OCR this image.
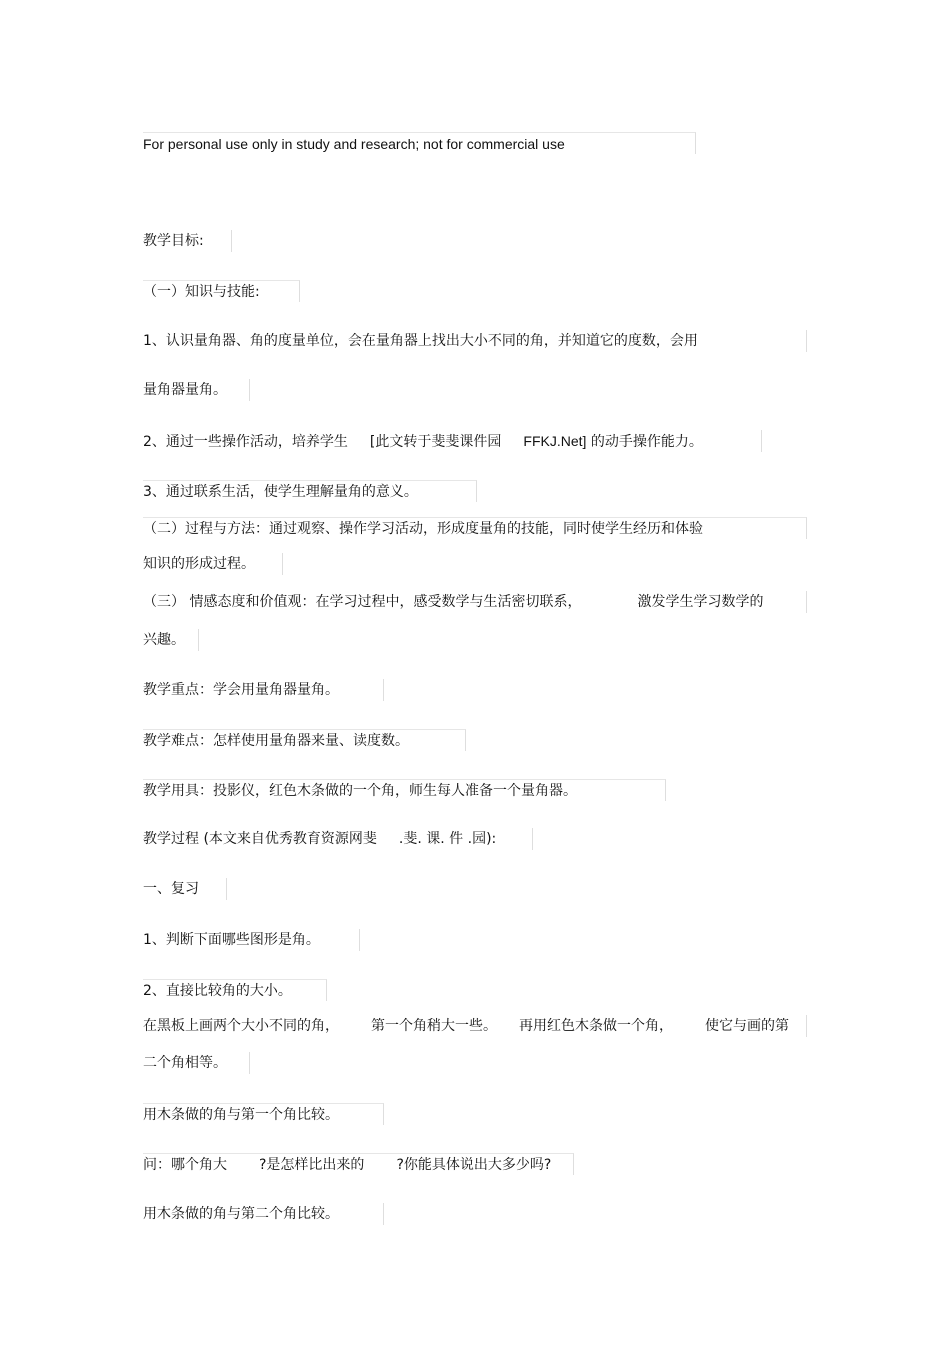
For personal use only in study and research; not for commercial use
教学目标:
（一）知识与技能:
1、认识量角器、角的度量单位，会在量角器上找出大小不同的角，并知道它的度数，会用
量角器量角。
2、通过一些操作活动，培养学生 [此文转于斐斐课件园 FFKJ.Net] 的动手操作能力。
3、通过联系生活，使学生理解量角的意义。
（二）过程与方法：通过观察、操作学习活动，形成度量角的技能，同时使学生经历和体验
知识的形成过程。
（三） 情感态度和价值观：在学习过程中，感受数学与生活密切联系，	激发学生学习数学的
兴趣。
教学重点：学会用量角器量角。
教学难点：怎样使用量角器来量、读度数。
教学用具：投影仪，红色木条做的一个角，师生每人准备一个量角器。
教学过程 (本文来自优秀教育资源网斐 .斐. 课. 件 .园):
一、复习
1、判断下面哪些图形是角。
2、直接比较角的大小。
在黑板上画两个大小不同的角， 第一个角稍大一些。 再用红色木条做一个角， 使它与画的第
二个角相等。
用木条做的角与第一个角比较。
问：哪个角大 ?是怎样比出来的 ?你能具体说出大多少吗?
用木条做的角与第二个角比较。
